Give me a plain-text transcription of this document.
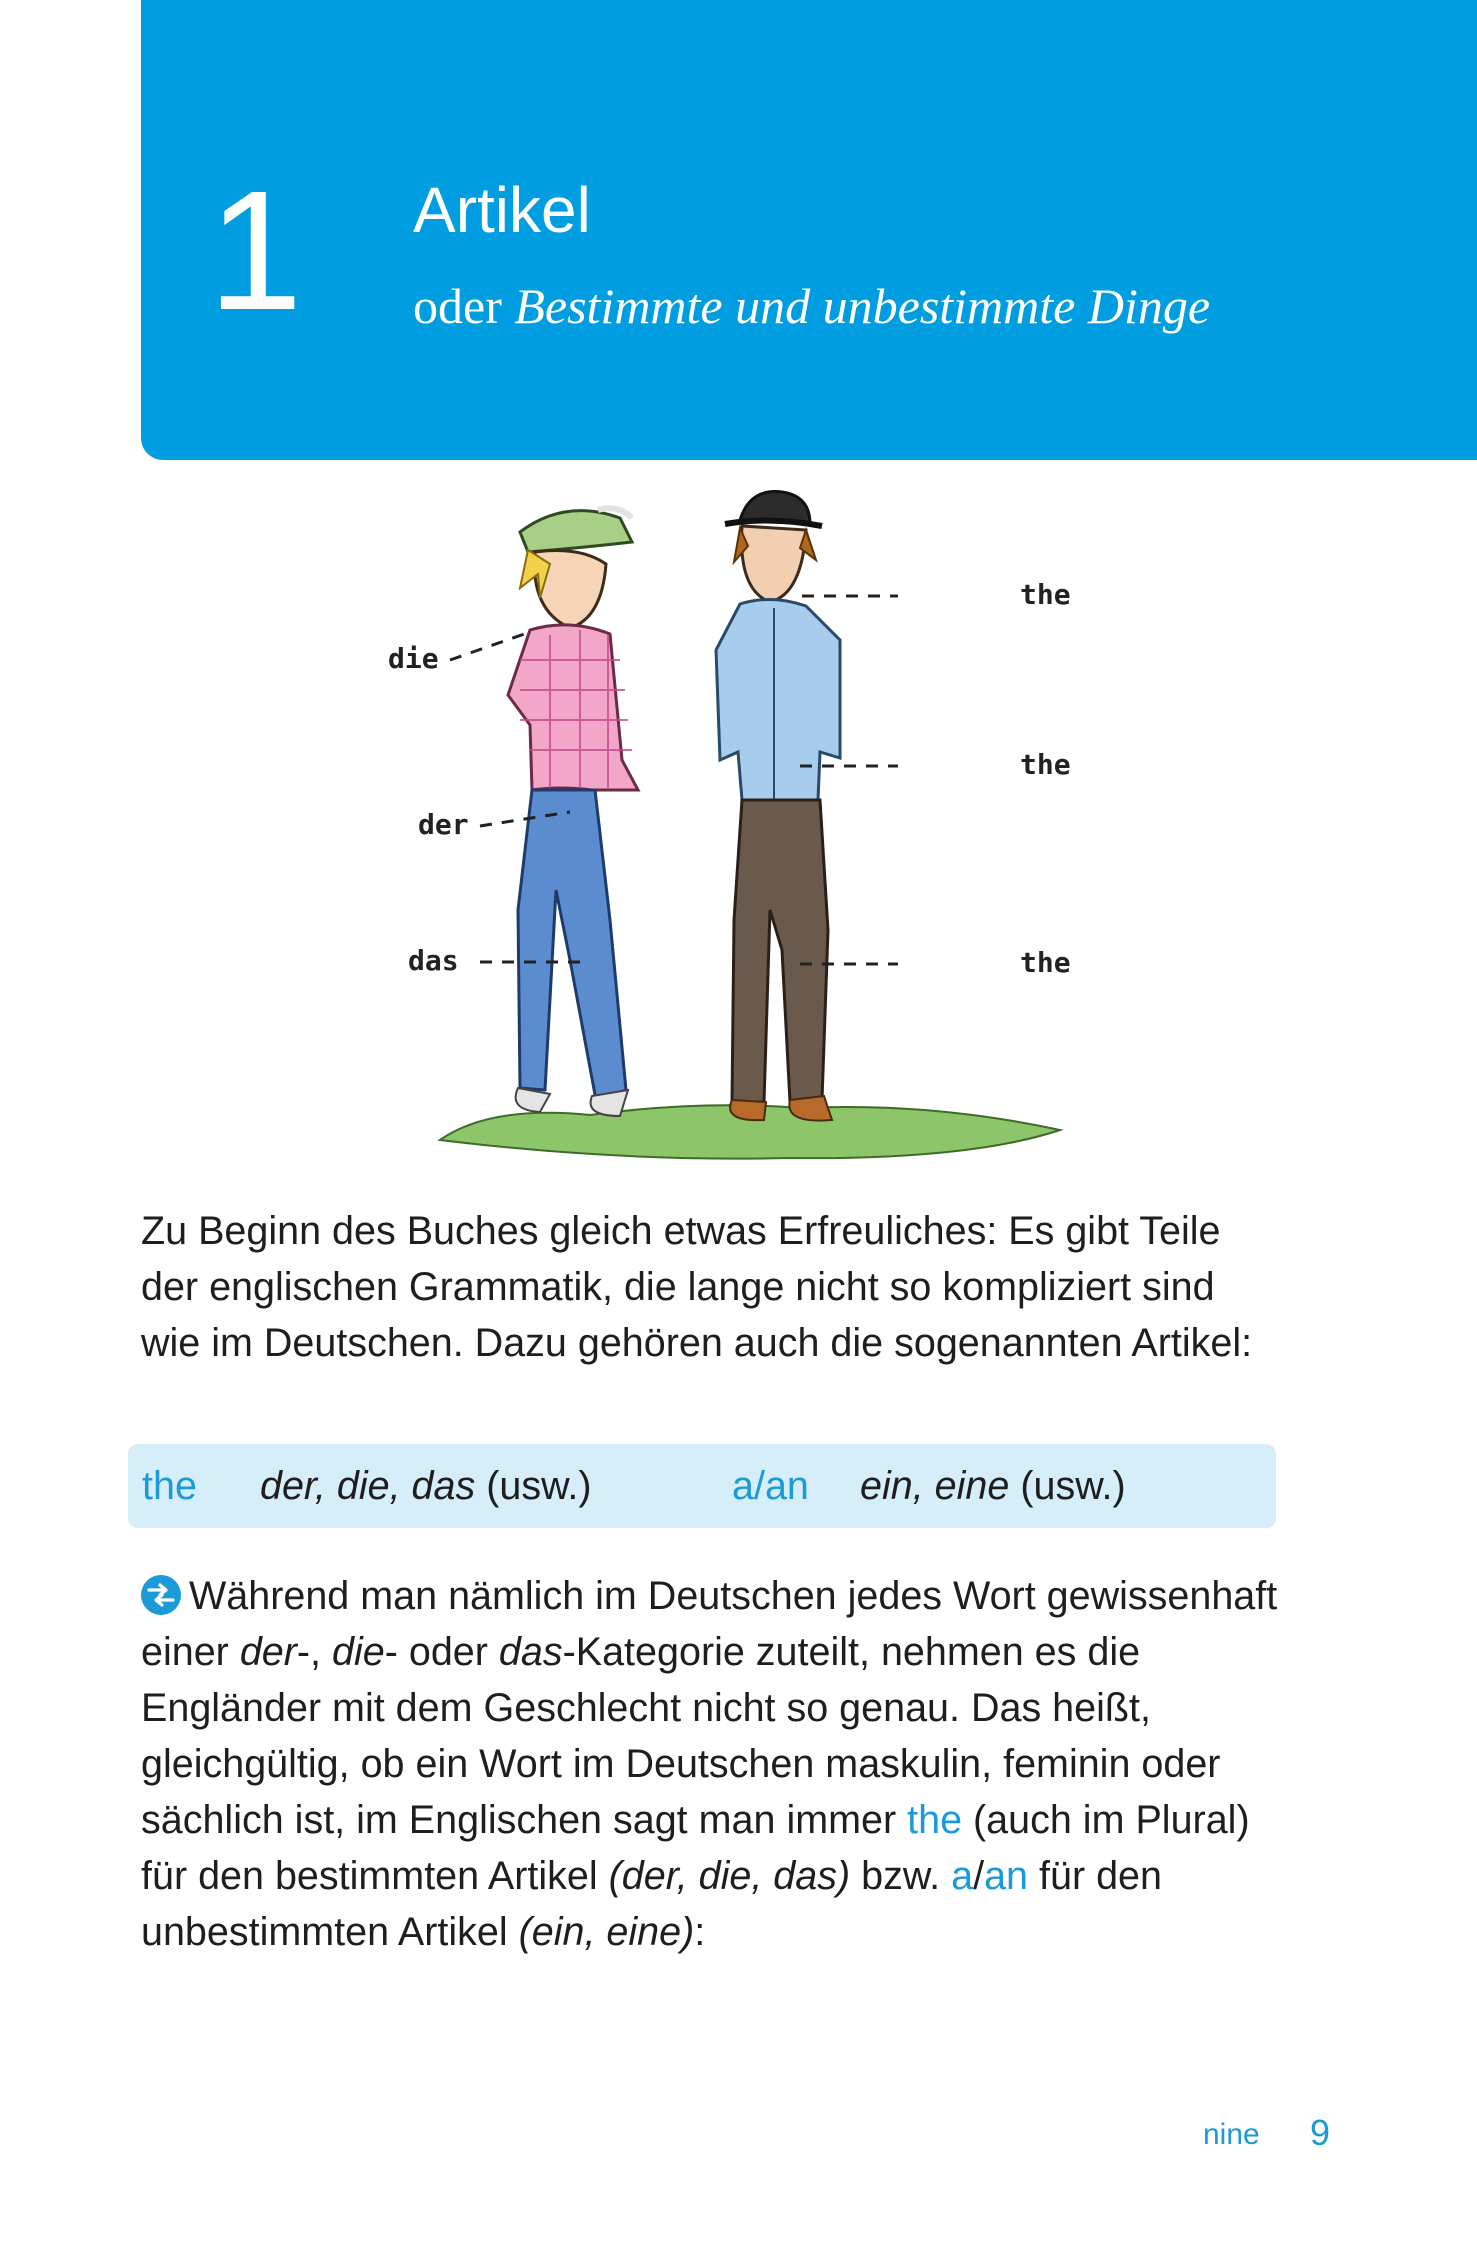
1 Artikel
oder Bestimmte und unbestimmte Dinge
die
der
das
the
the
the

Zu Beginn des Buches gleich etwas Erfreuliches: Es gibt Teile der englischen Grammatik, die lange nicht so kompliziert sind wie im Deutschen. Dazu gehören auch die sogenannten Artikel:

the der, die, das (usw.)	a/an ein, eine (usw.)

Während man nämlich im Deutschen jedes Wort gewissenhaft einer der-, die- oder das-Kategorie zuteilt, nehmen es die Engländer mit dem Geschlecht nicht so genau. Das heißt, gleichgültig, ob ein Wort im Deutschen maskulin, feminin oder sächlich ist, im Englischen sagt man immer the (auch im Plural) für den bestimmten Artikel (der, die, das) bzw. a/an für den unbestimmten Artikel (ein, eine):

nine 9
